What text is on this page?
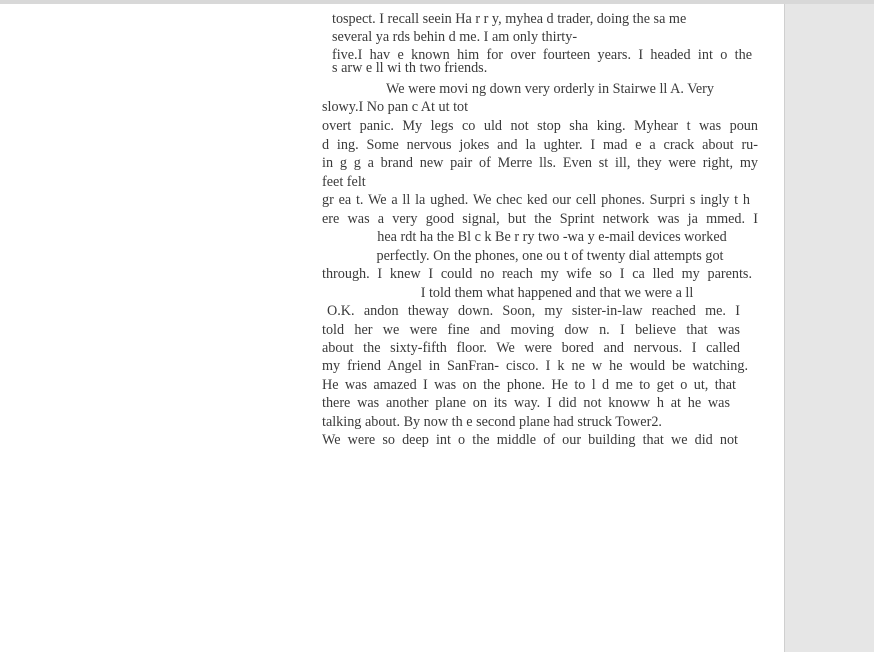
tospect. I recall seein Ha r r y, myhea d trader, doing the sa me
several ya rds behin d me. I am only thirty-
five.I hav e known him for over fourteen years. I headed int o the
s arw e ll wi th two friends.
We were movi ng down very orderly in Stairwe ll A. Very
slowy.I No pan c At ut tot
overt panic. My legs co uld not stop sha king. Myhear t was poun
d ing. Some nervous jokes and la ughter. I mad e a crack about ru-
in g g a brand new pair of Merre lls. Even st ill, they were right, my
feet felt
gr ea t. We a ll la ughed. We chec ked our cell phones. Surpri s ingly t h
ere was a very good signal, but the Sprint network was ja mmed. I
hea rdt ha the Bl c k Be r ry two -wa y e-mail devices worked
perfectly. On the phones, one ou t of twenty dial attempts got
through. I knew I could no reach my wife so I ca lled my parents.
I told them what happened and that we were a ll
O.K. andon theway down. Soon, my sister-in-law reached me. I
told her we were fine and moving dow n. I believe that was
about the sixty-fifth floor. We were bored and nervous. I called
my friend Angel in SanFran- cisco. I k ne w he would be watching.
He was amazed I was on the phone. He to l d me to get o ut, that
there was another plane on its way. I did not knoww h at he was
talking about. By now th e second plane had struck Tower2.
We were so deep int o the middle of our building that we did not
